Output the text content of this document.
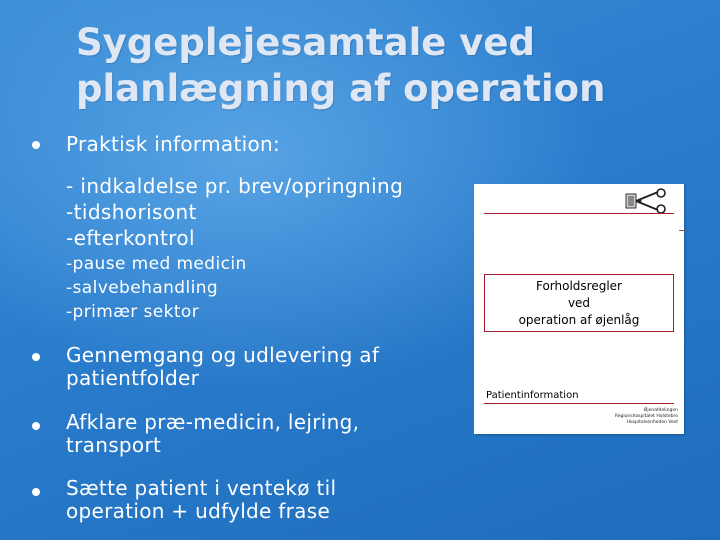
Sygeplejesamtale ved
planlægning af operation
Praktisk information:
- indkaldelse pr. brev/opringning
-tidshorisont
-efterkontrol
-pause med medicin
-salvebehandling
-primær sektor
Gennemgang og udlevering af
patientfolder
Afklare præ-medicin, lejring,
transport
Sætte patient i ventekø til
operation + udfylde frase
Forholdsregler
ved
operation af øjenlåg
Patientinformation
Øjenafdelingen
Regionshospitalet Holstebro
Hospitalsenheden Vest
